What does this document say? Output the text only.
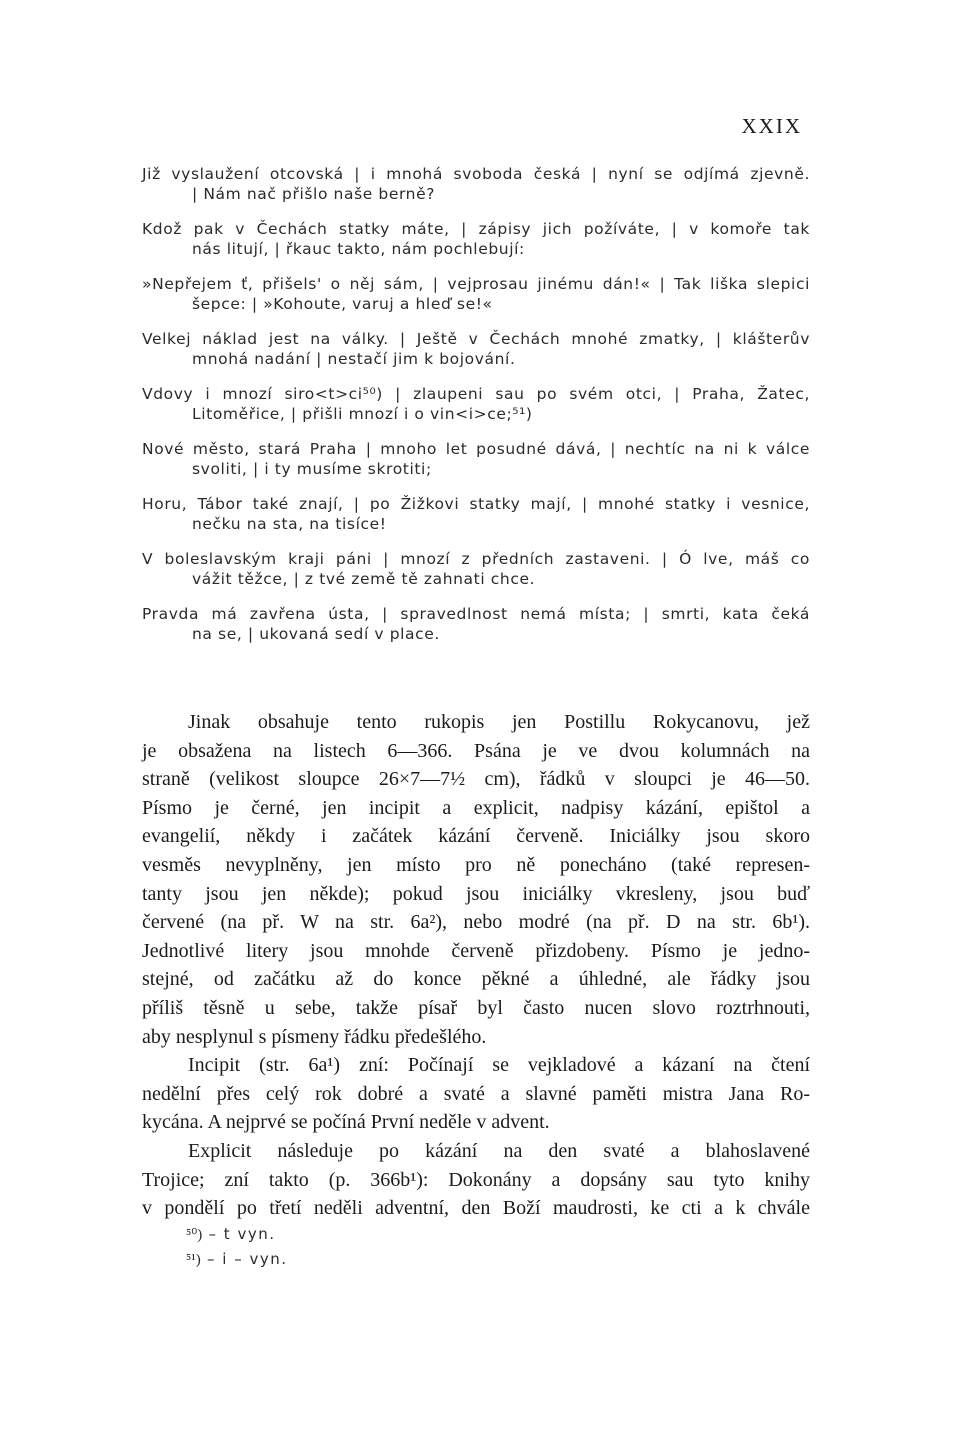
XXIX
Již vyslaužení otcovská | i mnohá svoboda česká | nyní se odjímá zjevně.
| Nám nač přišlo naše berně?
Kdož pak v Čechách statky máte, | zápisy jich požíváte, | v komoře tak
nás litují, | řkauc takto, nám pochlebují:
»Nepřejem ť, přišels' o něj sám, | vejprosau jinému dán!« | Tak liška slepici
šepce: | »Kohoute, varuj a hleď se!«
Velkej náklad jest na války. | Ještě v Čechách mnohé zmatky, | klášterův
mnohá nadání | nestačí jim k bojování.
Vdovy i mnozí siro<t>ci⁵⁰) | zlaupeni sau po svém otci, | Praha, Žatec,
Litoměřice, | přišli mnozí i o vin<i>ce;⁵¹)
Nové město, stará Praha | mnoho let posudné dává, | nechtíc na ni k válce
svoliti, | i ty musíme skrotiti;
Horu, Tábor také znají, | po Žižkovi statky mají, | mnohé statky i vesnice,
nečku na sta, na tisíce!
V boleslavským kraji páni | mnozí z předních zastaveni. | Ó lve, máš co
vážit těžce, | z tvé země tě zahnati chce.
Pravda má zavřena ústa, | spravedlnost nemá místa; | smrti, kata čeká
na se, | ukovaná sedí v place.
Jinak obsahuje tento rukopis jen Postillu Rokycanovu, jež
je obsažena na listech 6—366. Psána je ve dvou kolumnách na
straně (velikost sloupce 26×7—7½ cm), řádků v sloupci je 46—50.
Písmo je černé, jen incipit a explicit, nadpisy kázání, epištol a
evangelií, někdy i začátek kázání červeně. Iniciálky jsou skoro
vesměs nevyplněny, jen místo pro ně ponecháno (také represen-
tanty jsou jen někde); pokud jsou iniciálky vkresleny, jsou buď
červené (na př. W na str. 6a²), nebo modré (na př. D na str. 6b¹).
Jednotlivé litery jsou mnohde červeně přizdobeny. Písmo je jedno-
stejné, od začátku až do konce pěkné a úhledné, ale řádky jsou
příliš těsně u sebe, takže písař byl často nucen slovo roztrhnouti,
aby nesplynul s písmeny řádku předešlého.
Incipit (str. 6a¹) zní: Počínají se vejkladové a kázaní na čtení
nedělní přes celý rok dobré a svaté a slavné paměti mistra Jana Ro-
kycána. A nejprvé se počíná První neděle v advent.
Explicit následuje po kázání na den svaté a blahoslavené
Trojice; zní takto (p. 366b¹): Dokonány a dopsány sau tyto knihy
v pondělí po třetí neděli adventní, den Boží maudrosti, ke cti a k chvále
⁵⁰) – t vyn.
⁵¹) – i – vyn.
